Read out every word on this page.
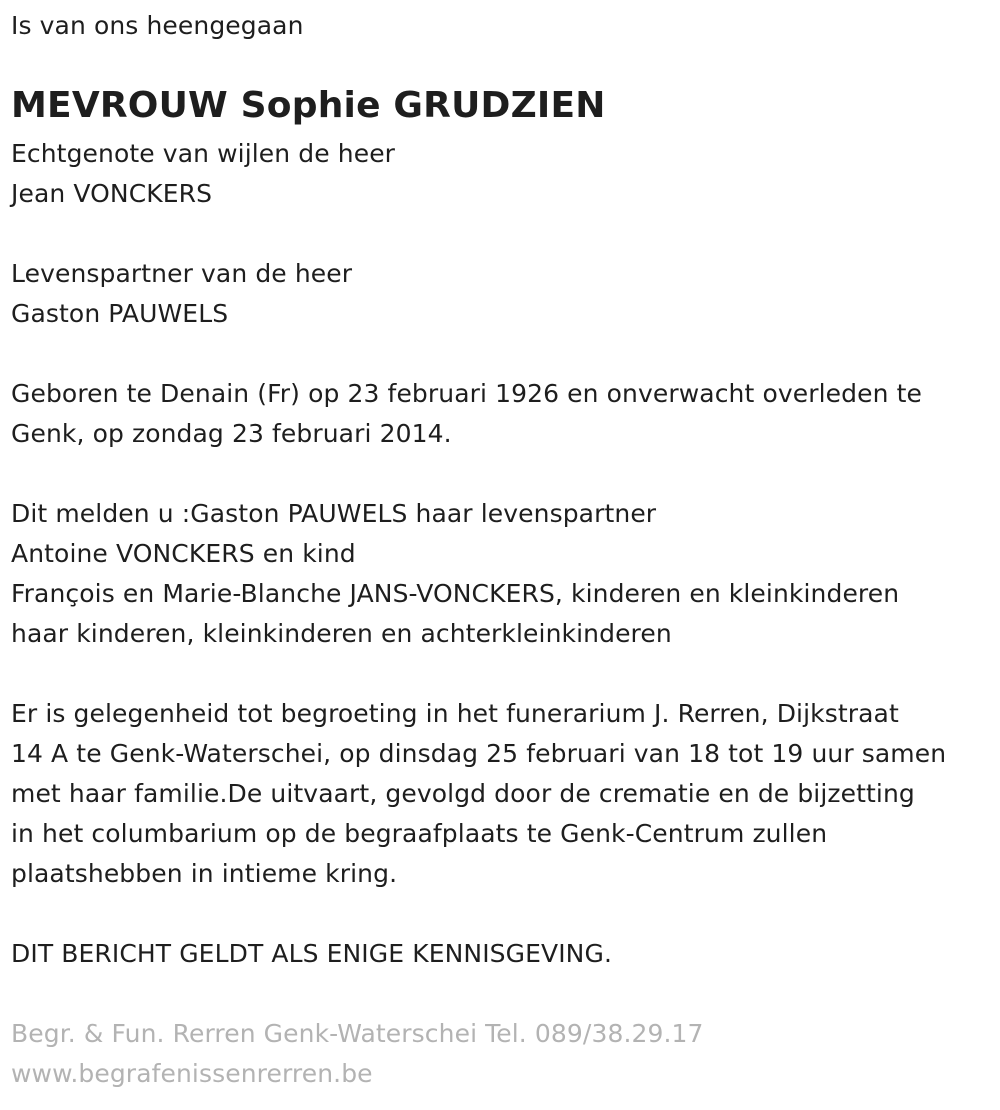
Is van ons heengegaan
MEVROUW Sophie GRUDZIEN
Echtgenote van wijlen de heer
Jean VONCKERS
Levenspartner van de heer
Gaston PAUWELS
Geboren te Denain (Fr) op 23 februari 1926 en onverwacht overleden te
Genk, op zondag 23 februari 2014.
Dit melden u :Gaston PAUWELS haar levenspartner
Antoine VONCKERS en kind
François en Marie-Blanche JANS-VONCKERS, kinderen en kleinkinderen
haar kinderen, kleinkinderen en achterkleinkinderen
Er is gelegenheid tot begroeting in het funerarium J. Rerren, Dijkstraat
14 A te Genk-Waterschei, op dinsdag 25 februari van 18 tot 19 uur samen
met haar familie.De uitvaart, gevolgd door de crematie en de bijzetting
in het columbarium op de begraafplaats te Genk-Centrum zullen
plaatshebben in intieme kring.
DIT BERICHT GELDT ALS ENIGE KENNISGEVING.
Begr. & Fun. Rerren Genk-Waterschei Tel. 089/38.29.17
www.begrafenissenrerren.be
